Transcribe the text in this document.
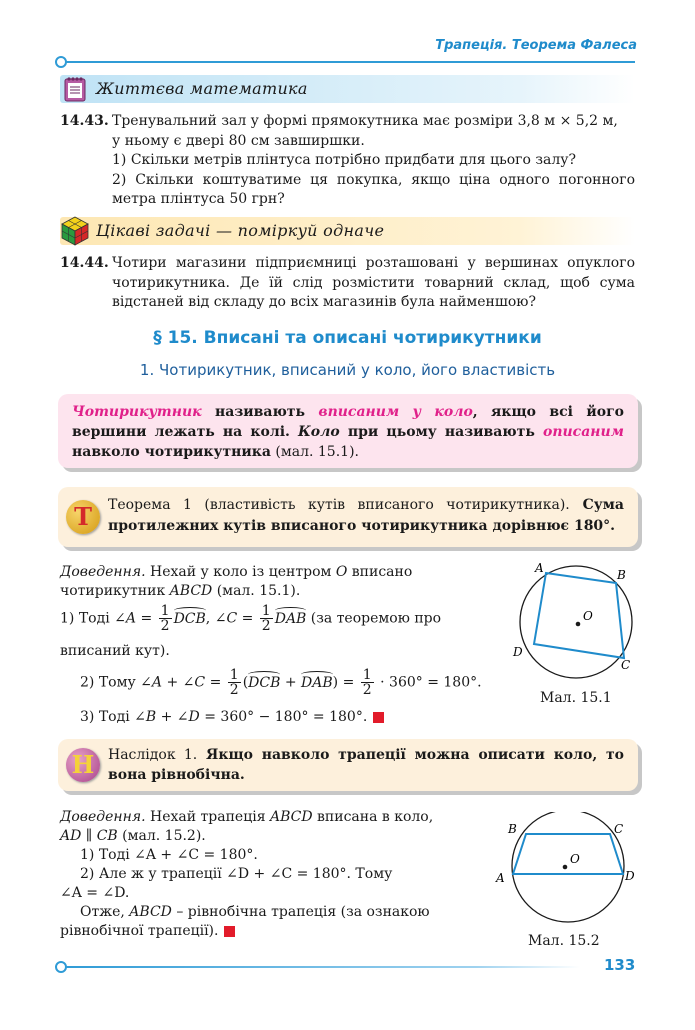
Трапеція. Теорема Фалеса
Життєва математика
14.43. Тренувальний зал у формі прямокутника має розміри 3,8 м × 5,2 м,

у ньому є двері 80 см завширшки.

1) Скільки метрів плінтуса потрібно придбати для цього залу?

2) Скільки коштуватиме ця покупка, якщо ціна одного погонного метра плінтуса 50 грн?

Цікаві задачі — поміркуй одначе
14.44. Чотири магазини підприємниці розташовані у вершинах опуклого чотирикутника. Де їй слід розмістити товарний склад, щоб сума відстаней від складу до всіх магазинів була найменшою?

§ 15. Вписані та описані чотирикутники
1. Чотирикутник, вписаний у коло, його властивість
Чотирикутник називають вписаним у коло, якщо всі його вершини лежать на колі. Коло при цьому називають описаним навколо чотирикутника (мал. 15.1).
Т	Теорема 1 (властивість кутів вписаного чотирикутника). Сума протилежних кутів вписаного чотирикутника дорівнює 180°.

Доведення. Нехай у коло із центром O вписано

чотирикутник ABCD (мал. 15.1).

1) Тоді ∠A = $\frac{1}{2}$ DCB, ∠C = $\frac{1}{2}$ DAB (за теоремою про
вписаний кут).
2) Тому ∠A + ∠C = $\frac{1}{2} (DCB + DAB) = \frac{1}{2} \cdot 360^\circ = 180^\circ$.
3) Тоді ∠B + ∠D = 360° − 180° = 180°.
O
A	B
C
D
Мал. 15.1
Н Наслідок 1. Якщо навколо трапеції можна описати коло, то вона рівнобічна.

Доведення. Нехай трапеція ABCD вписана в коло,

AD ∥ CB (мал. 15.2).

1) Тоді ∠A + ∠C = 180°.

2) Але ж у трапеції ∠D + ∠C = 180°. Тому

∠A = ∠D.

Отже, ABCD – рівнобічна трапеція (за ознакою

рівнобічної трапеції).

O
B	C
A	D
Мал. 15.2
133
